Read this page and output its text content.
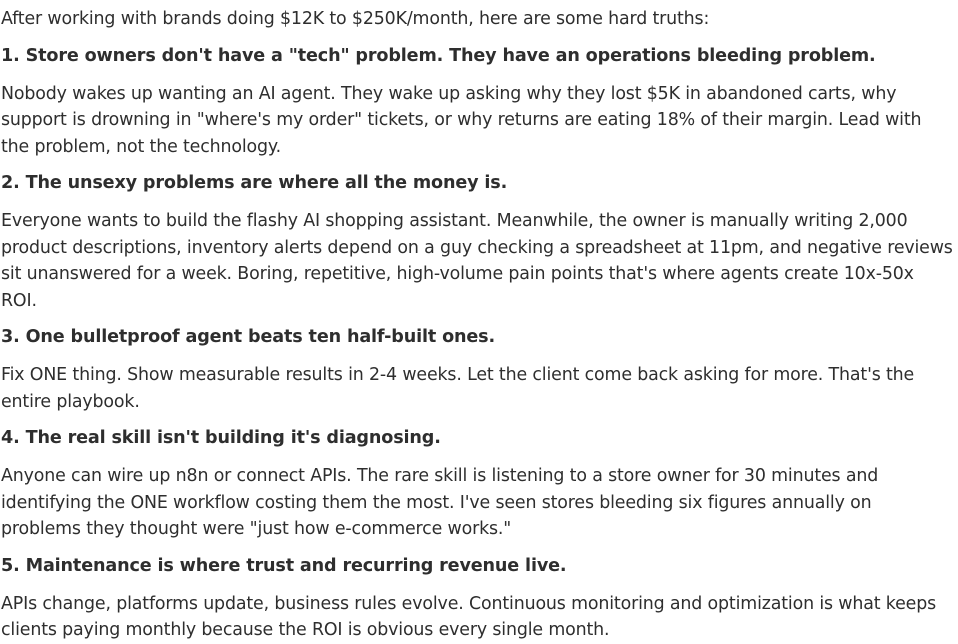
After working with brands doing $12K to $250K/month, here are some hard truths:

1. Store owners don't have a "tech" problem. They have an operations bleeding problem.

Nobody wakes up wanting an AI agent. They wake up asking why they lost $5K in abandoned carts, why support is drowning in "where's my order" tickets, or why returns are eating 18% of their margin. Lead with the problem, not the technology.

2. The unsexy problems are where all the money is.

Everyone wants to build the flashy AI shopping assistant. Meanwhile, the owner is manually writing 2,000 product descriptions, inventory alerts depend on a guy checking a spreadsheet at 11pm, and negative reviews sit unanswered for a week. Boring, repetitive, high-volume pain points that's where agents create 10x-50x ROI.

3. One bulletproof agent beats ten half-built ones.

Fix ONE thing. Show measurable results in 2-4 weeks. Let the client come back asking for more. That's the entire playbook.

4. The real skill isn't building it's diagnosing.

Anyone can wire up n8n or connect APIs. The rare skill is listening to a store owner for 30 minutes and identifying the ONE workflow costing them the most. I've seen stores bleeding six figures annually on problems they thought were "just how e-commerce works."

5. Maintenance is where trust and recurring revenue live.

APIs change, platforms update, business rules evolve. Continuous monitoring and optimization is what keeps clients paying monthly because the ROI is obvious every single month.
